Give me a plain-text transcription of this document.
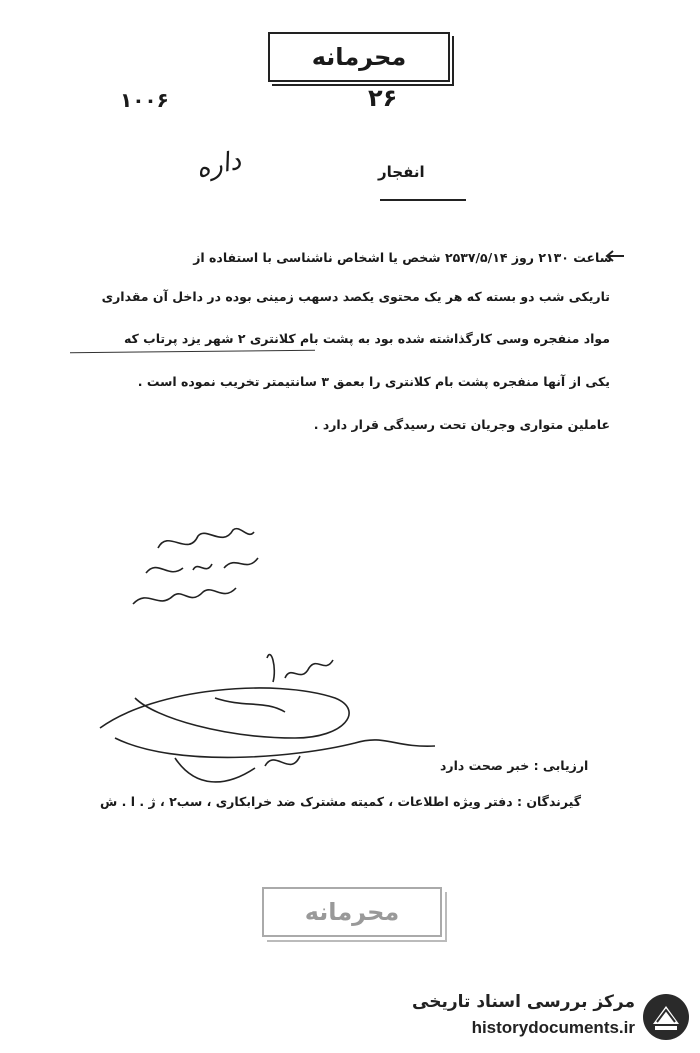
محرمانه
۱۰۰۶	۲۶
داره	انفجار
ساعت ۲۱۳۰ روز ۲۵۳۷/۵/۱۴ شخص یا اشخاص ناشناسی با استفاده از
تاریکی شب دو بسته که هر یک محتوی یکصد دسهب زمینی بوده در داخل آن مقداری
مواد منفجره وسی کارگذاشته شده بود به پشت بام کلانتری ۲ شهر یزد پرتاب که
یکی از آنها منفجره پشت بام کلانتری را بعمق ۳ سانتیمتر تخریب نموده است .
عاملین متواری وجریان تحت رسیدگی قرار دارد .
ارزیابی : خبر صحت دارد
گیرندگان : دفتر ویژه اطلاعات ، کمیته مشترک ضد خرابکاری ، سب۲ ، ژ . ا . ش
محرمانه
مرکز بررسی اسناد تاریخی
historydocuments.ir
